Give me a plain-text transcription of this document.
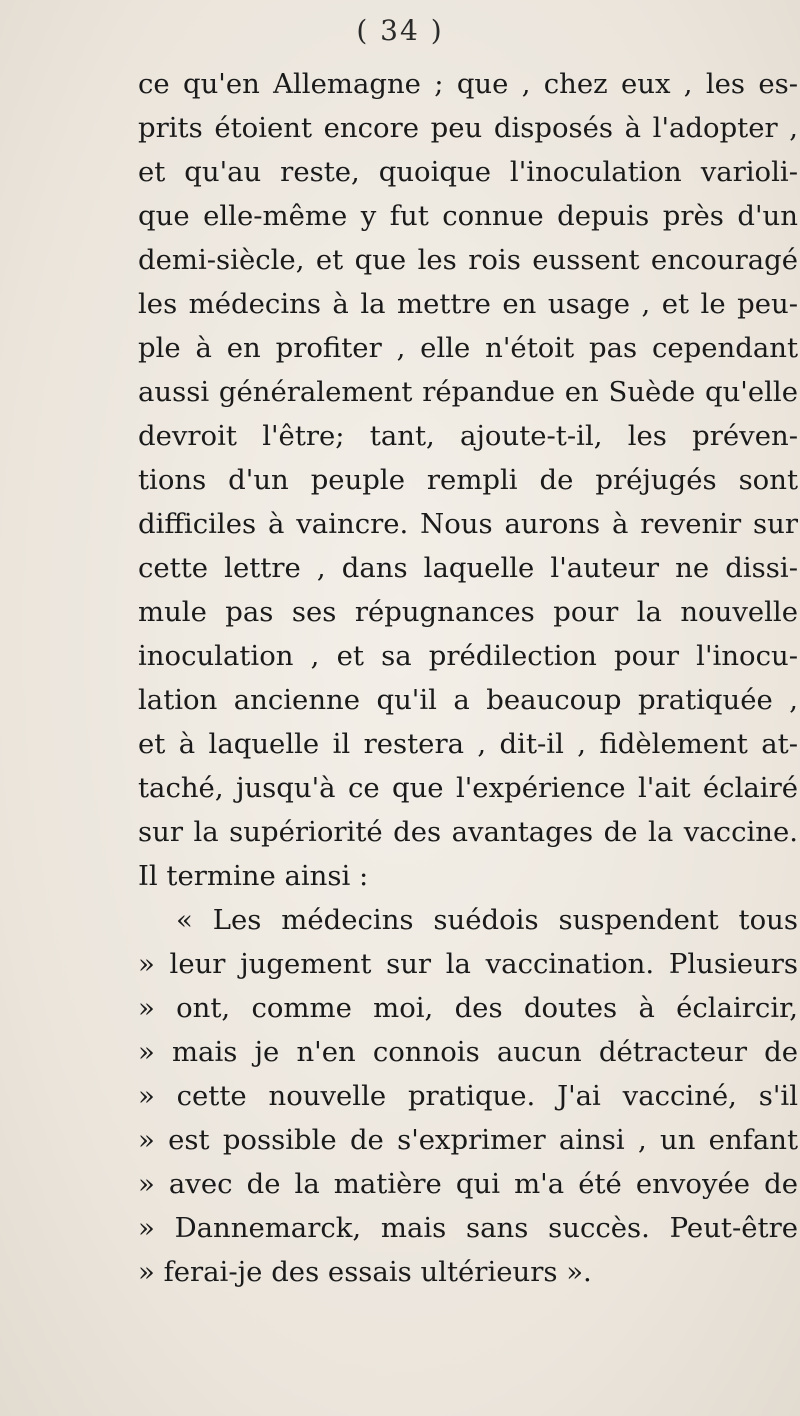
( 34 )
ce qu'en Allemagne ; que , chez eux , les es-
prits étoient encore peu disposés à l'adopter ,
et qu'au reste, quoique l'inoculation varioli-
que elle-même y fut connue depuis près d'un
demi-siècle, et que les rois eussent encouragé
les médecins à la mettre en usage , et le peu-
ple à en profiter , elle n'étoit pas cependant
aussi généralement répandue en Suède qu'elle
devroit l'être; tant, ajoute-t-il, les préven-
tions d'un peuple rempli de préjugés sont
difficiles à vaincre. Nous aurons à revenir sur
cette lettre , dans laquelle l'auteur ne dissi-
mule pas ses répugnances pour la nouvelle
inoculation , et sa prédilection pour l'inocu-
lation ancienne qu'il a beaucoup pratiquée ,
et à laquelle il restera , dit-il , fidèlement at-
taché, jusqu'à ce que l'expérience l'ait éclairé
sur la supériorité des avantages de la vaccine.
Il termine ainsi :
« Les médecins suédois suspendent tous
» leur jugement sur la vaccination. Plusieurs
» ont, comme moi, des doutes à éclaircir,
» mais je n'en connois aucun détracteur de
» cette nouvelle pratique. J'ai vacciné, s'il
» est possible de s'exprimer ainsi , un enfant
» avec de la matière qui m'a été envoyée de
» Dannemarck, mais sans succès. Peut-être
» ferai-je des essais ultérieurs ».
